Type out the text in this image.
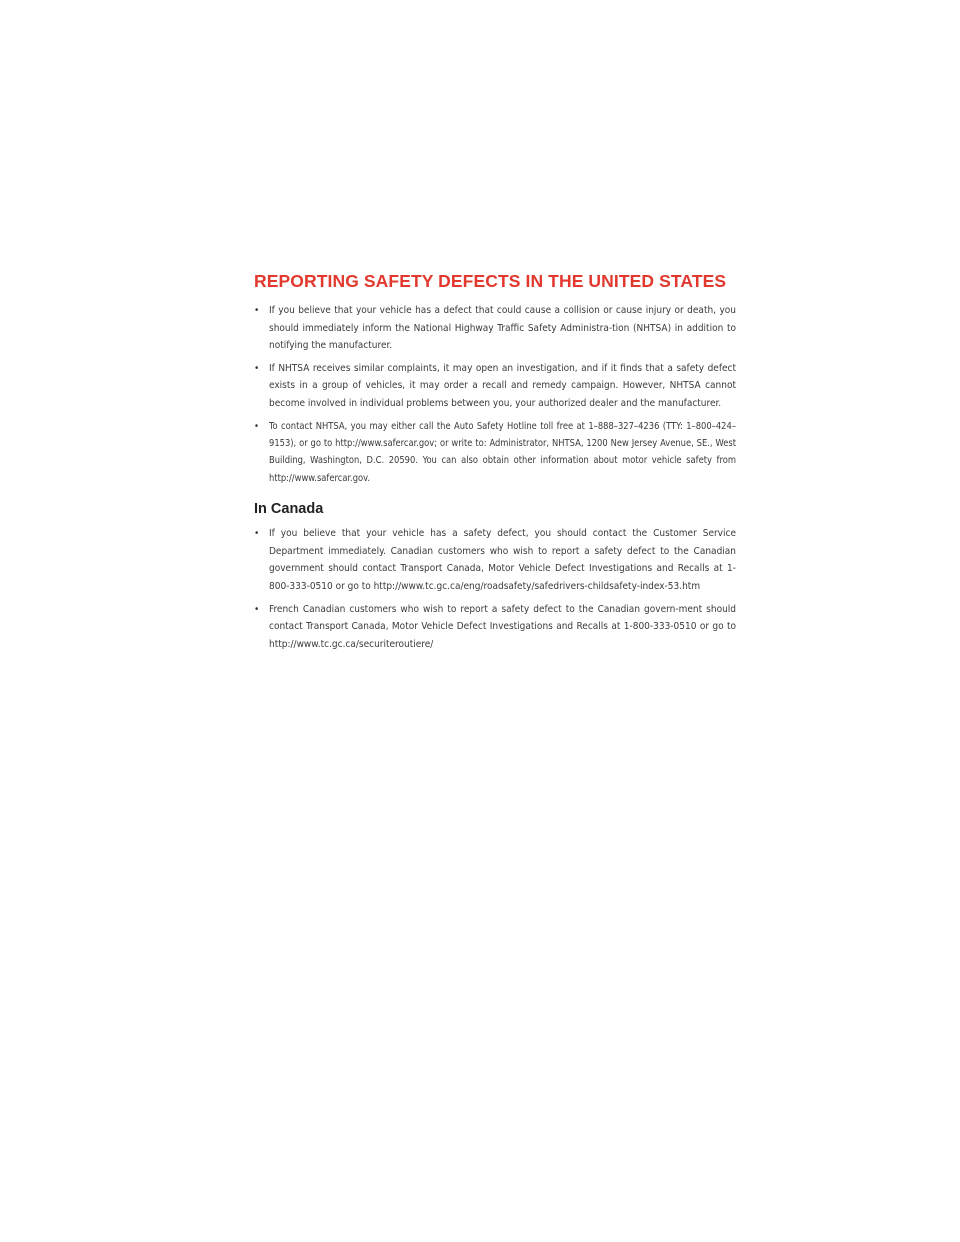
REPORTING SAFETY DEFECTS IN THE UNITED STATES
• If you believe that your vehicle has a defect that could cause a collision or cause injury or death, you should immediately inform the National Highway Traffic Safety Administra-tion (NHTSA) in addition to notifying the manufacturer.
• If NHTSA receives similar complaints, it may open an investigation, and if it finds that a safety defect exists in a group of vehicles, it may order a recall and remedy campaign. However, NHTSA cannot become involved in individual problems between you, your authorized dealer and the manufacturer.
• To contact NHTSA, you may either call the Auto Safety Hotline toll free at 1–888–327–4236 (TTY: 1–800–424–9153), or go to http://www.safercar.gov; or write to: Administrator, NHTSA, 1200 New Jersey Avenue, SE., West Building, Washington, D.C. 20590. You can also obtain other information about motor vehicle safety from http://www.safercar.gov.
In Canada
• If you believe that your vehicle has a safety defect, you should contact the Customer Service Department immediately. Canadian customers who wish to report a safety defect to the Canadian government should contact Transport Canada, Motor Vehicle Defect Investigations and Recalls at 1-800-333-0510 or go to http://www.tc.gc.ca/eng/roadsafety/safedrivers-childsafety-index-53.htm
• French Canadian customers who wish to report a safety defect to the Canadian govern-ment should contact Transport Canada, Motor Vehicle Defect Investigations and Recalls at 1-800-333-0510 or go to http://www.tc.gc.ca/securiteroutiere/
